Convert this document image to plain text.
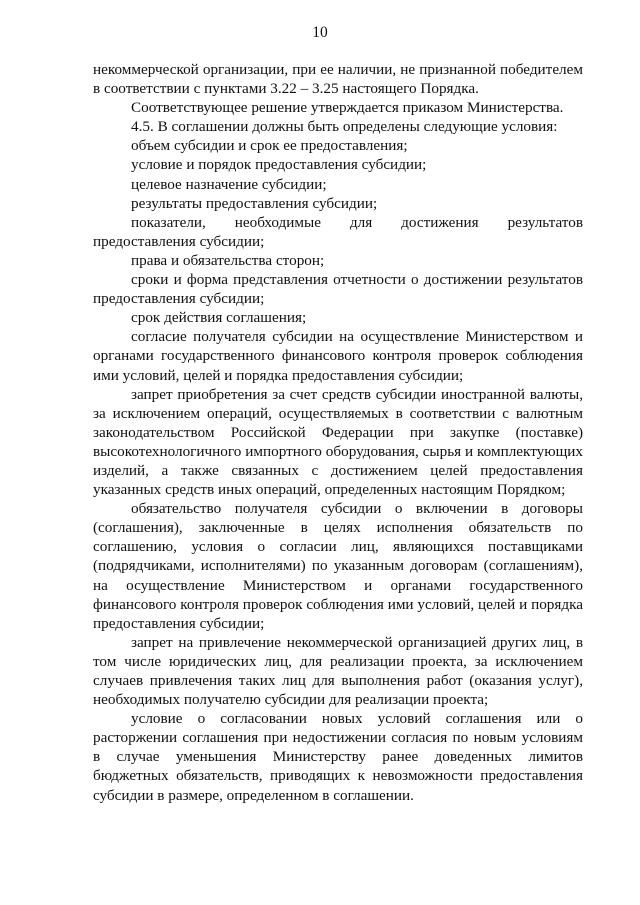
10

некоммерческой организации, при ее наличии, не признанной победителем в соответствии с пунктами 3.22 – 3.25 настоящего Порядка.

Соответствующее решение утверждается приказом Министерства.

4.5. В соглашении должны быть определены следующие условия:

объем субсидии и срок ее предоставления;

условие и порядок предоставления субсидии;

целевое назначение субсидии;

результаты предоставления субсидии;

показатели, необходимые для достижения результатов предоставления субсидии;

права и обязательства сторон;

сроки и форма представления отчетности о достижении результатов предоставления субсидии;

срок действия соглашения;

согласие получателя субсидии на осуществление Министерством и органами государственного финансового контроля проверок соблюдения ими условий, целей и порядка предоставления субсидии;

запрет приобретения за счет средств субсидии иностранной валюты, за исключением операций, осуществляемых в соответствии с валютным законодательством Российской Федерации при закупке (поставке) высокотехнологичного импортного оборудования, сырья и комплектующих изделий, а также связанных с достижением целей предоставления указанных средств иных операций, определенных настоящим Порядком;

обязательство получателя субсидии о включении в договоры (соглашения), заключенные в целях исполнения обязательств по соглашению, условия о согласии лиц, являющихся поставщиками (подрядчиками, исполнителями) по указанным договорам (соглашениям), на осуществление Министерством и органами государственного финансового контроля проверок соблюдения ими условий, целей и порядка предоставления субсидии;

запрет на привлечение некоммерческой организацией других лиц, в том числе юридических лиц, для реализации проекта, за исключением случаев привлечения таких лиц для выполнения работ (оказания услуг), необходимых получателю субсидии для реализации проекта;

условие о согласовании новых условий соглашения или о расторжении соглашения при недостижении согласия по новым условиям в случае уменьшения Министерству ранее доведенных лимитов бюджетных обязательств, приводящих к невозможности предоставления субсидии в размере, определенном в соглашении.
